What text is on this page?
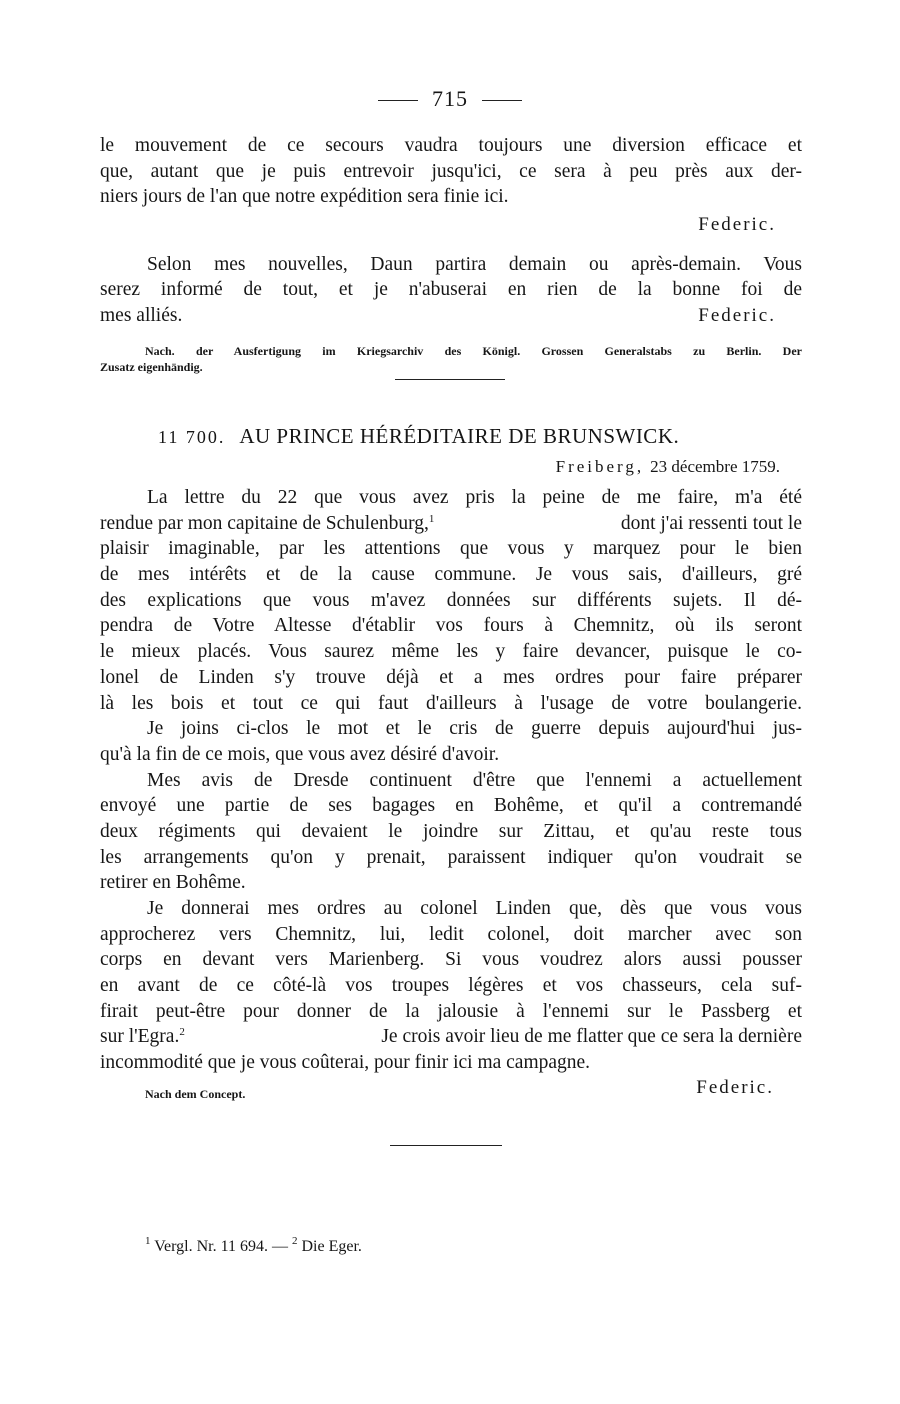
715
le mouvement de ce secours vaudra toujours une diversion efficace et
que, autant que je puis entrevoir jusqu'ici, ce sera à peu près aux der-
niers jours de l'an que notre expédition sera finie ici.
Federic.
Selon mes nouvelles, Daun partira demain ou après-demain. Vous
serez informé de tout, et je n'abuserai en rien de la bonne foi de
mes alliés.	Federic.
Nach. der Ausfertigung im Kriegsarchiv des Königl. Grossen Generalstabs zu Berlin. Der
Zusatz eigenhändig.
11 700. AU PRINCE HÉRÉDITAIRE DE BRUNSWICK.
Freiberg, 23 décembre 1759.
La lettre du 22 que vous avez pris la peine de me faire, m'a été
rendue par mon capitaine de Schulenburg,$^1$	dont j'ai ressenti tout le
plaisir imaginable, par les attentions que vous y marquez pour le bien
de mes intérêts et de la cause commune. Je vous sais, d'ailleurs, gré
des explications que vous m'avez données sur différents sujets. Il dé-
pendra de Votre Altesse d'établir vos fours à Chemnitz, où ils seront
le mieux placés. Vous saurez même les y faire devancer, puisque le co-
lonel de Linden s'y trouve déjà et a mes ordres pour faire préparer
là les bois et tout ce qui faut d'ailleurs à l'usage de votre boulangerie.
Je joins ci-clos le mot et le cris de guerre depuis aujourd'hui jus-
qu'à la fin de ce mois, que vous avez désiré d'avoir.
Mes avis de Dresde continuent d'être que l'ennemi a actuellement
envoyé une partie de ses bagages en Bohême, et qu'il a contremandé
deux régiments qui devaient le joindre sur Zittau, et qu'au reste tous
les arrangements qu'on y prenait, paraissent indiquer qu'on voudrait se
retirer en Bohême.
Je donnerai mes ordres au colonel Linden que, dès que vous vous
approcherez vers Chemnitz, lui, ledit colonel, doit marcher avec son
corps en devant vers Marienberg. Si vous voudrez alors aussi pousser
en avant de ce côté-là vos troupes légères et vos chasseurs, cela suf-
firait peut-être pour donner de la jalousie à l'ennemi sur le Passberg et
sur l'Egra.$^2$	Je crois avoir lieu de me flatter que ce sera la dernière
incommodité que je vous coûterai, pour finir ici ma campagne.
Nach dem Concept.	Federic.
$^1$ Vergl. Nr. 11 694. — $^2$ Die Eger.
